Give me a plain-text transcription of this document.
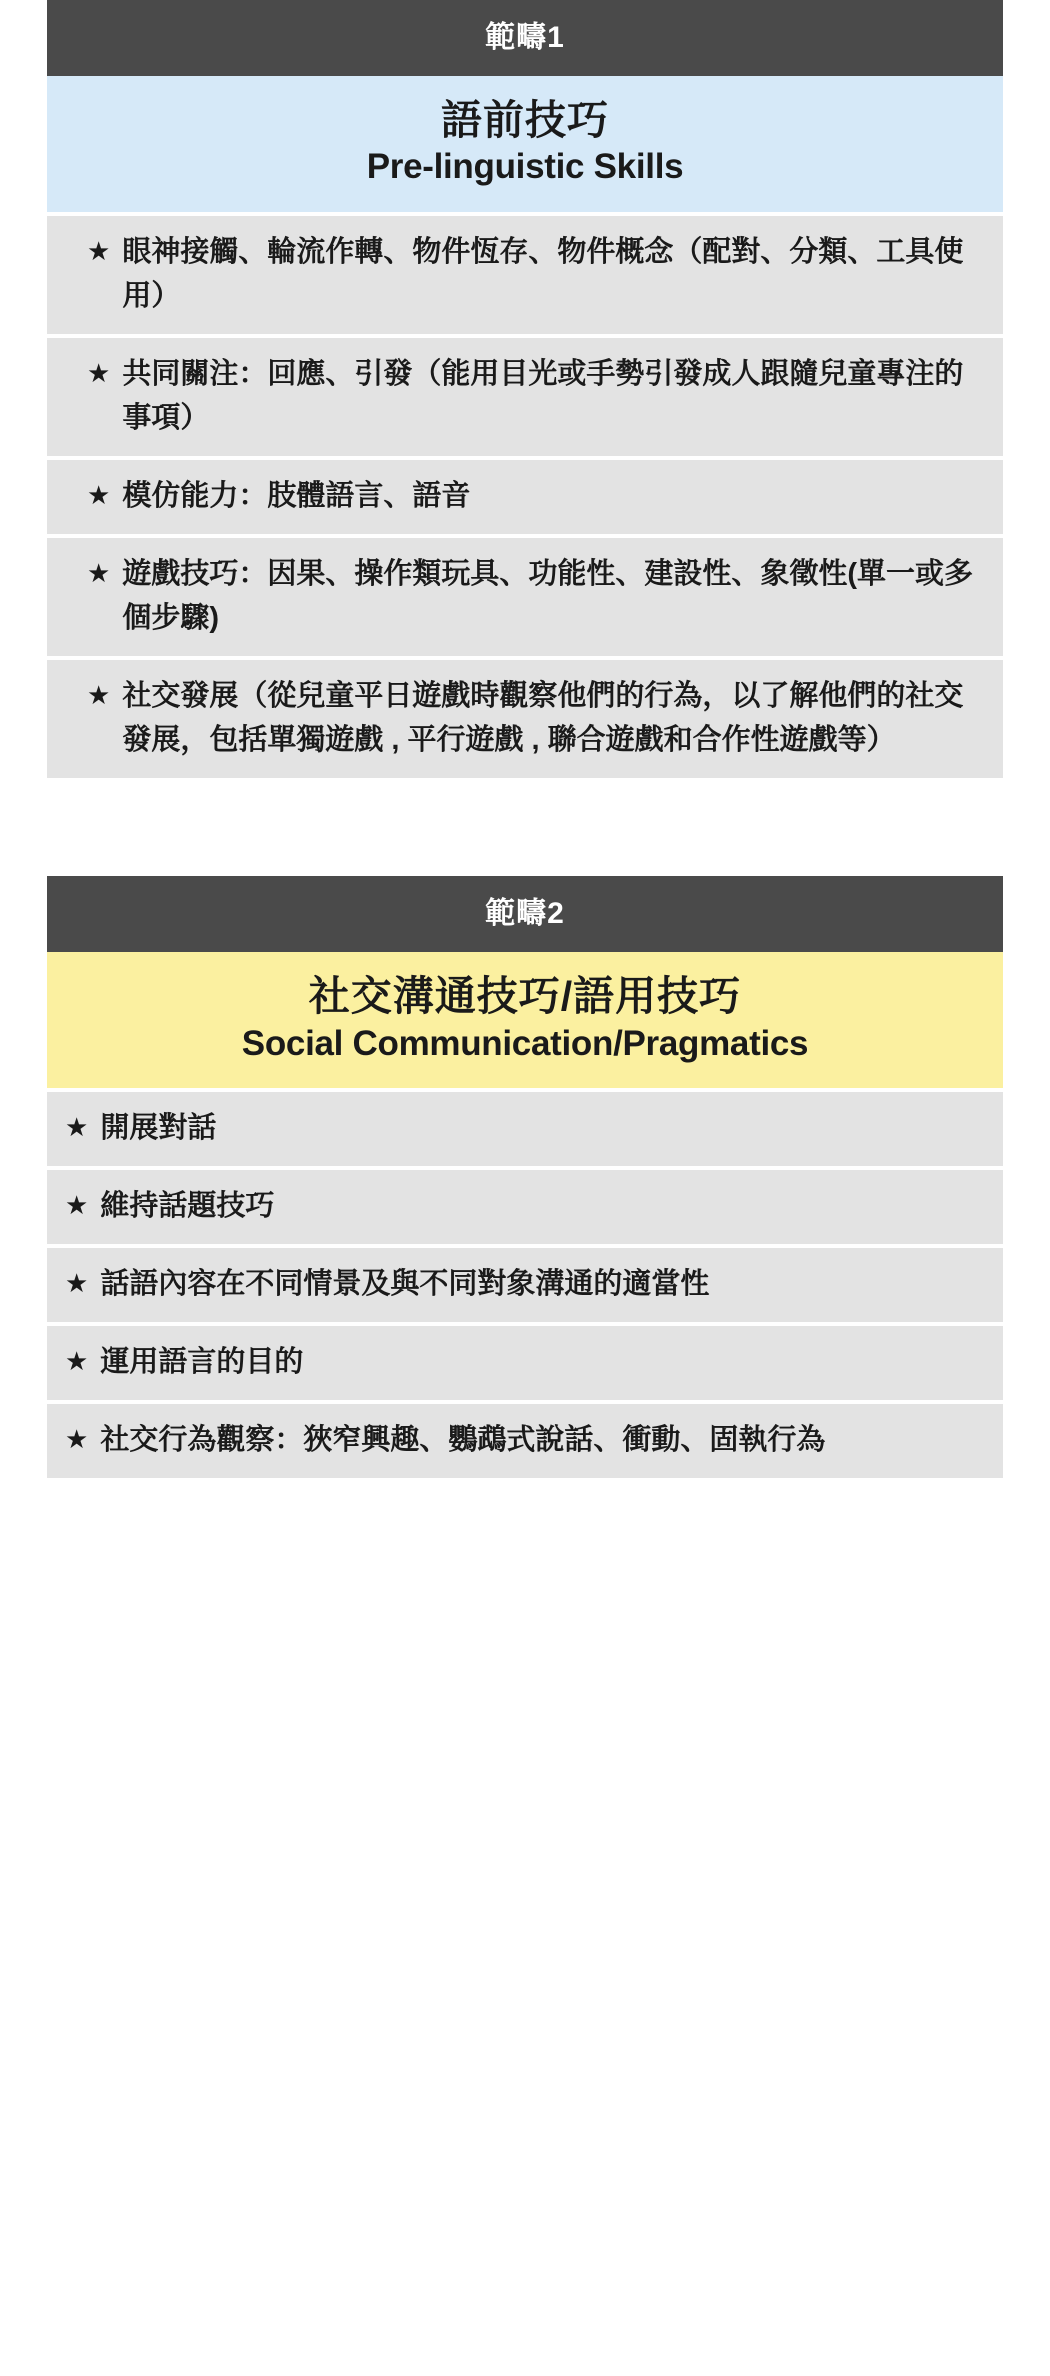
範疇1
語前技巧
Pre-linguistic Skills
★ 眼神接觸、輪流作轉、物件恆存、物件概念（配對、分類、工具使用）
★ 共同關注：回應、引發（能用目光或手勢引發成人跟隨兒童專注的事項）
★ 模仿能力：肢體語言、語音
★ 遊戲技巧：因果、操作類玩具、功能性、建設性、象徵性(單一或多個步驟)
★ 社交發展（從兒童平日遊戲時觀察他們的行為，以了解他們的社交發展，包括單獨遊戲 , 平行遊戲 , 聯合遊戲和合作性遊戲等）
範疇2
社交溝通技巧/語用技巧
Social Communication/Pragmatics
★ 開展對話
★ 維持話題技巧
★ 話語內容在不同情景及與不同對象溝通的適當性
★ 運用語言的目的
★ 社交行為觀察：狹窄興趣、鸚鵡式說話、衝動、固執行為
